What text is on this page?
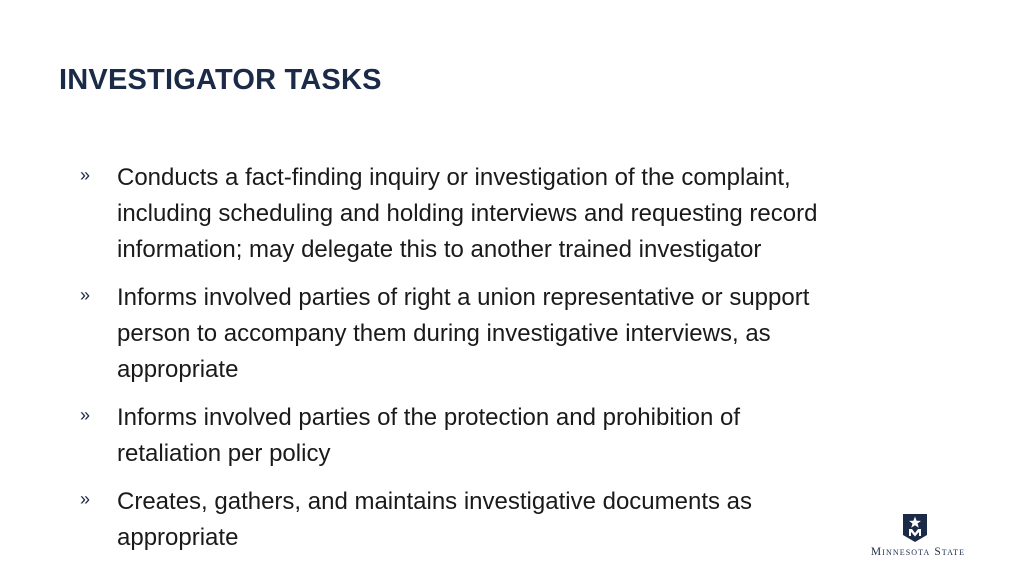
INVESTIGATOR TASKS
» Conducts a fact-finding inquiry or investigation of the complaint,
including scheduling and holding interviews and requesting record
information; may delegate this to another trained investigator
» Informs involved parties of right a union representative or support
person to accompany them during investigative interviews, as
appropriate
» Informs involved parties of the protection and prohibition of
retaliation per policy
» Creates, gathers, and maintains investigative documents as
appropriate
Minnesota State
